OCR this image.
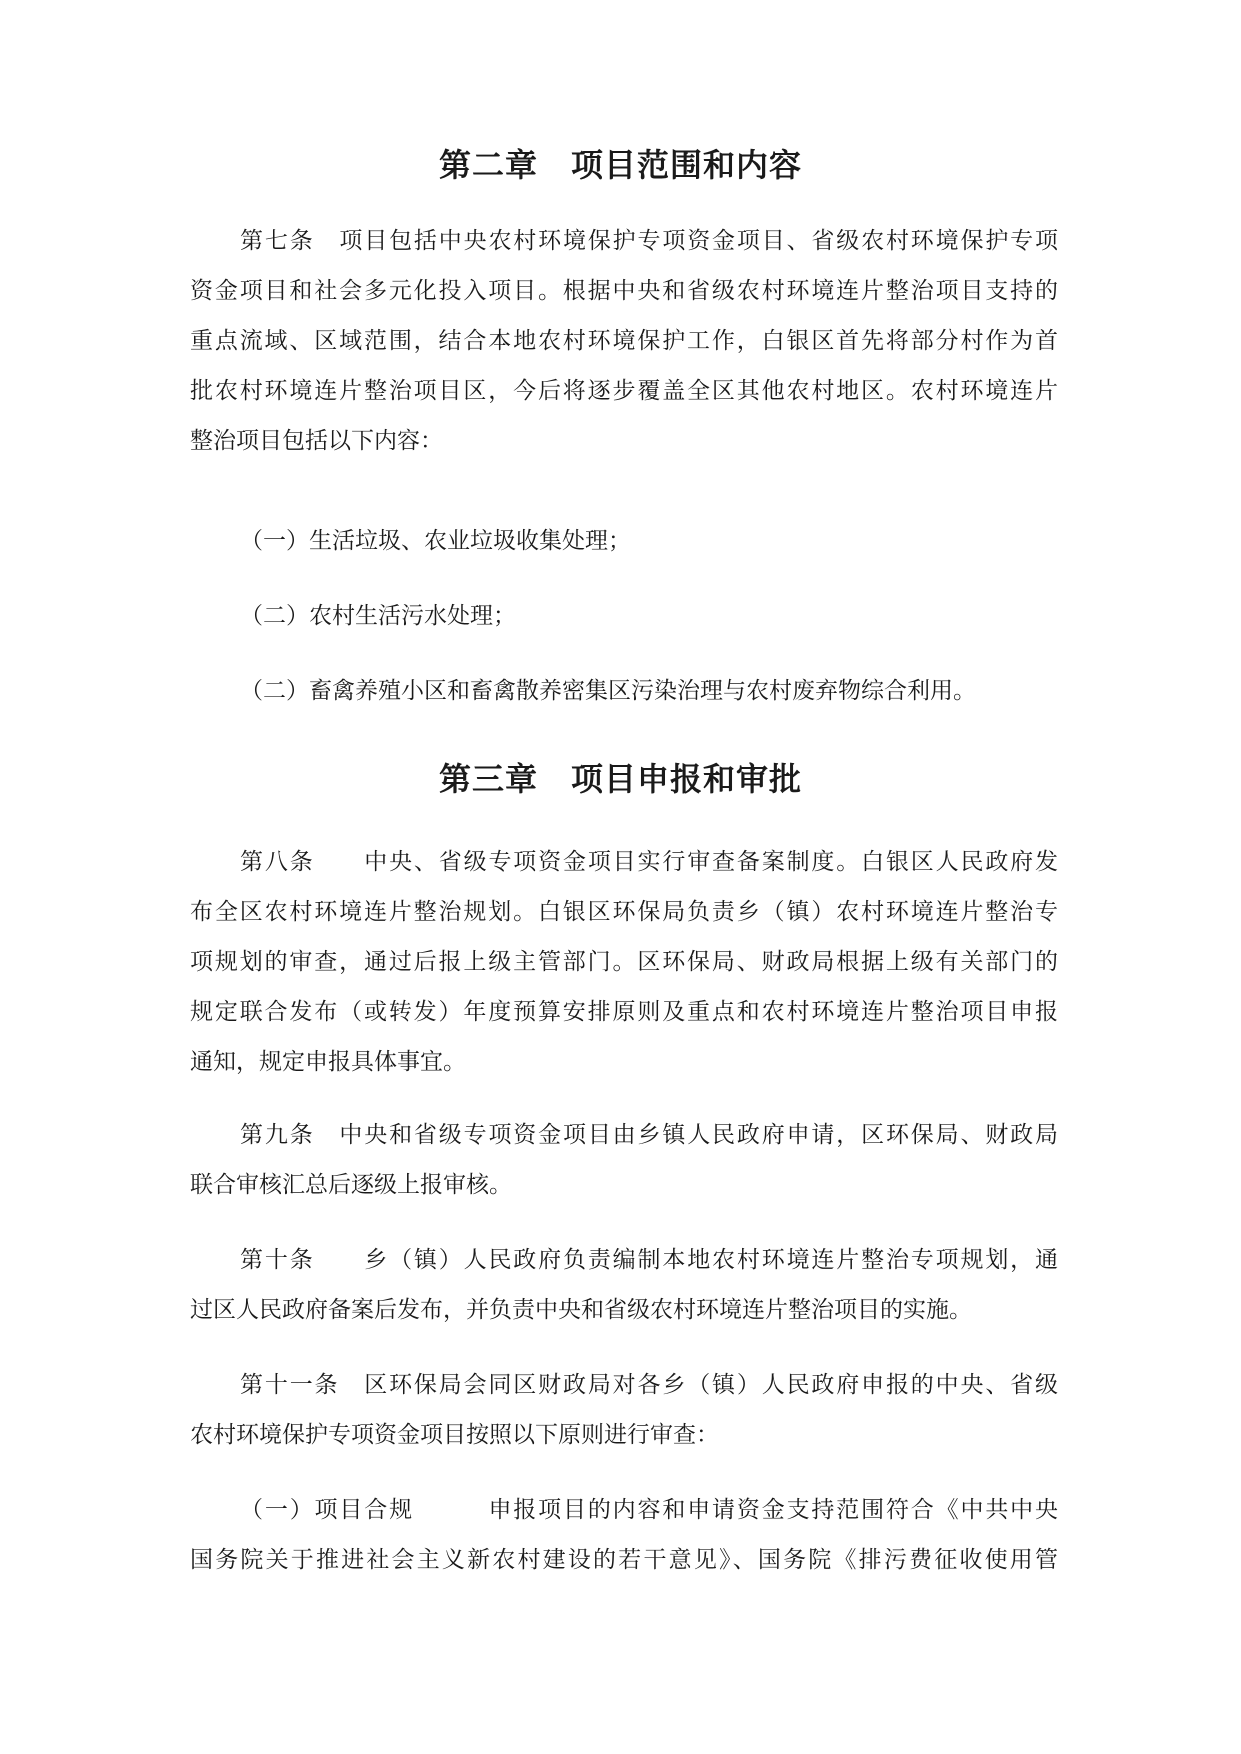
第二章　项目范围和内容
第七条　项目包括中央农村环境保护专项资金项目、省级农村环境保护专项
资金项目和社会多元化投入项目。根据中央和省级农村环境连片整治项目支持的
重点流域、区域范围，结合本地农村环境保护工作，白银区首先将部分村作为首
批农村环境连片整治项目区，今后将逐步覆盖全区其他农村地区。农村环境连片
整治项目包括以下内容：
（一）生活垃圾、农业垃圾收集处理；
（二）农村生活污水处理；
（二）畜禽养殖小区和畜禽散养密集区污染治理与农村废弃物综合利用。
第三章　项目申报和审批
第八条　　中央、省级专项资金项目实行审查备案制度。白银区人民政府发
布全区农村环境连片整治规划。白银区环保局负责乡（镇）农村环境连片整治专
项规划的审查，通过后报上级主管部门。区环保局、财政局根据上级有关部门的
规定联合发布（或转发）年度预算安排原则及重点和农村环境连片整治项目申报
通知，规定申报具体事宜。
第九条　中央和省级专项资金项目由乡镇人民政府申请，区环保局、财政局
联合审核汇总后逐级上报审核。
第十条　　乡（镇）人民政府负责编制本地农村环境连片整治专项规划，通
过区人民政府备案后发布，并负责中央和省级农村环境连片整治项目的实施。
第十一条　区环保局会同区财政局对各乡（镇）人民政府申报的中央、省级
农村环境保护专项资金项目按照以下原则进行审查：
（一）项目合规　　　申报项目的内容和申请资金支持范围符合《中共中央
国务院关于推进社会主义新农村建设的若干意见》、国务院《排污费征收使用管
